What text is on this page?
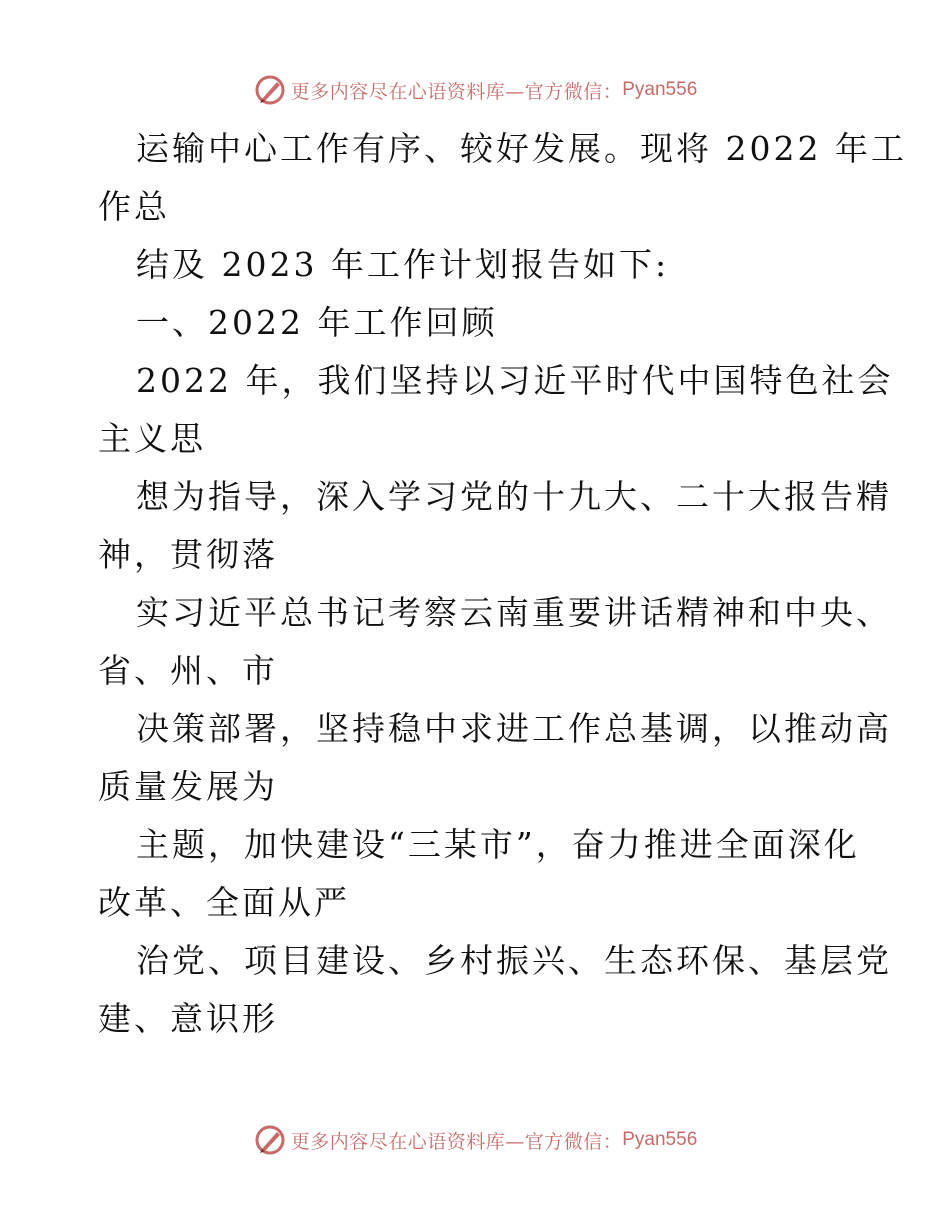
更多内容尽在心语资料库—官方微信： Pyan556
运输中心工作有序、较好发展。现将 2022 年工
作总
结及 2023 年工作计划报告如下:
一、2022 年工作回顾
2022 年，我们坚持以习近平时代中国特色社会
主义思
想为指导，深入学习党的十九大、二十大报告精
神，贯彻落
实习近平总书记考察云南重要讲话精神和中央、
省、州、市
决策部署，坚持稳中求进工作总基调，以推动高
质量发展为
主题，加快建设“三某市”，奋力推进全面深化
改革、全面从严
治党、项目建设、乡村振兴、生态环保、基层党
建、意识形
更多内容尽在心语资料库—官方微信： Pyan556
